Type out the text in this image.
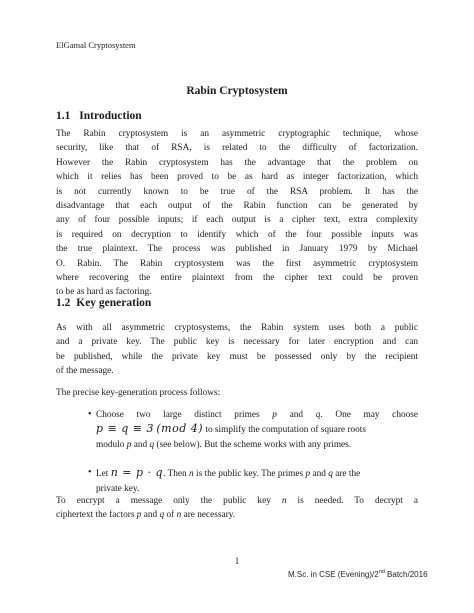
ElGamal Cryptosystem
Rabin Cryptosystem
1.1 Introduction
The Rabin cryptosystem is an asymmetric cryptographic technique, whose
security, like that of RSA, is related to the difficulty of factorization.
However the Rabin cryptosystem has the advantage that the problem on
which it relies has been proved to be as hard as integer factorization, which
is not currently known to be true of the RSA problem. It has the
disadvantage that each output of the Rabin function can be generated by
any of four possible inputs; if each output is a cipher text, extra complexity
is required on decryption to identify which of the four possible inputs was
the true plaintext. The process was published in January 1979 by Michael
O. Rabin. The Rabin cryptosystem was the first asymmetric cryptosystem
where recovering the entire plaintext from the cipher text could be proven
to be as hard as factoring.
1.2 Key generation
As with all asymmetric cryptosystems, the Rabin system uses both a public
and a private key. The public key is necessary for later encryption and can
be published, while the private key must be possessed only by the recipient
of the message.
The precise key-generation process follows:
• Choose two large distinct primes p and q. One may choose
p ≡ q ≡ 3 (mod 4) to simplify the computation of square roots
modulo p and q (see below). But the scheme works with any primes.
• Let n = p · q. Then n is the public key. The primes p and q are the
private key.
To encrypt a message only the public key n is needed. To decrypt a
ciphertext the factors p and q of n are necessary.
1
M.Sc. in CSE (Evening)/2nd Batch/2016
